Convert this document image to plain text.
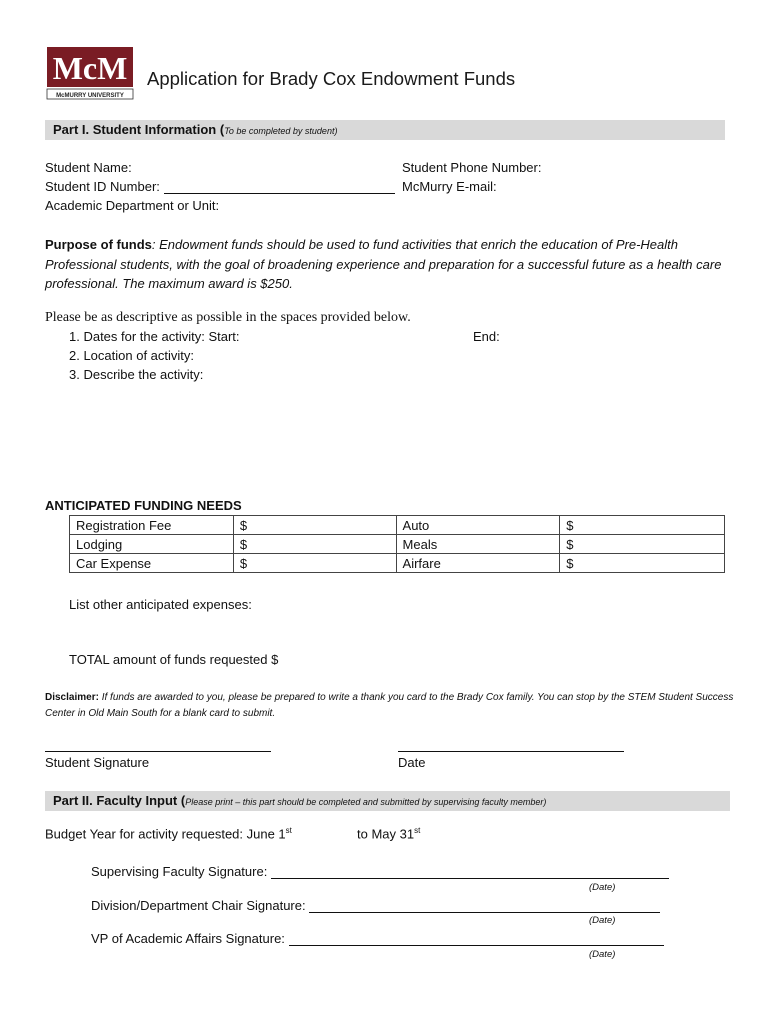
McM
McMURRY UNIVERSITY
Application for Brady Cox Endowment Funds
Part I. Student Information (To be completed by student)
Student Name:	Student Phone Number:
Student ID Number:	McMurry E-mail:
Academic Department or Unit:
Purpose of funds: Endowment funds should be used to fund activities that enrich the education of Pre-Health Professional students, with the goal of broadening experience and preparation for a successful future as a health care professional. The maximum award is $250.
Please be as descriptive as possible in the spaces provided below.
1. Dates for the activity: Start:	End:
2. Location of activity:
3. Describe the activity:
ANTICIPATED FUNDING NEEDS
Registration Fee	$	Auto	$
Lodging	$	Meals	$
Car Expense	$	Airfare	$
List other anticipated expenses:
TOTAL amount of funds requested $
Disclaimer: If funds are awarded to you, please be prepared to write a thank you card to the Brady Cox family. You can stop by the STEM Student Success Center in Old Main South for a blank card to submit.
Student Signature	Date
Part II. Faculty Input (Please print – this part should be completed and submitted by supervising faculty member)
Budget Year for activity requested: June 1st	to May 31st
Supervising Faculty Signature:
(Date)
Division/Department Chair Signature:
(Date)
VP of Academic Affairs Signature:
(Date)
